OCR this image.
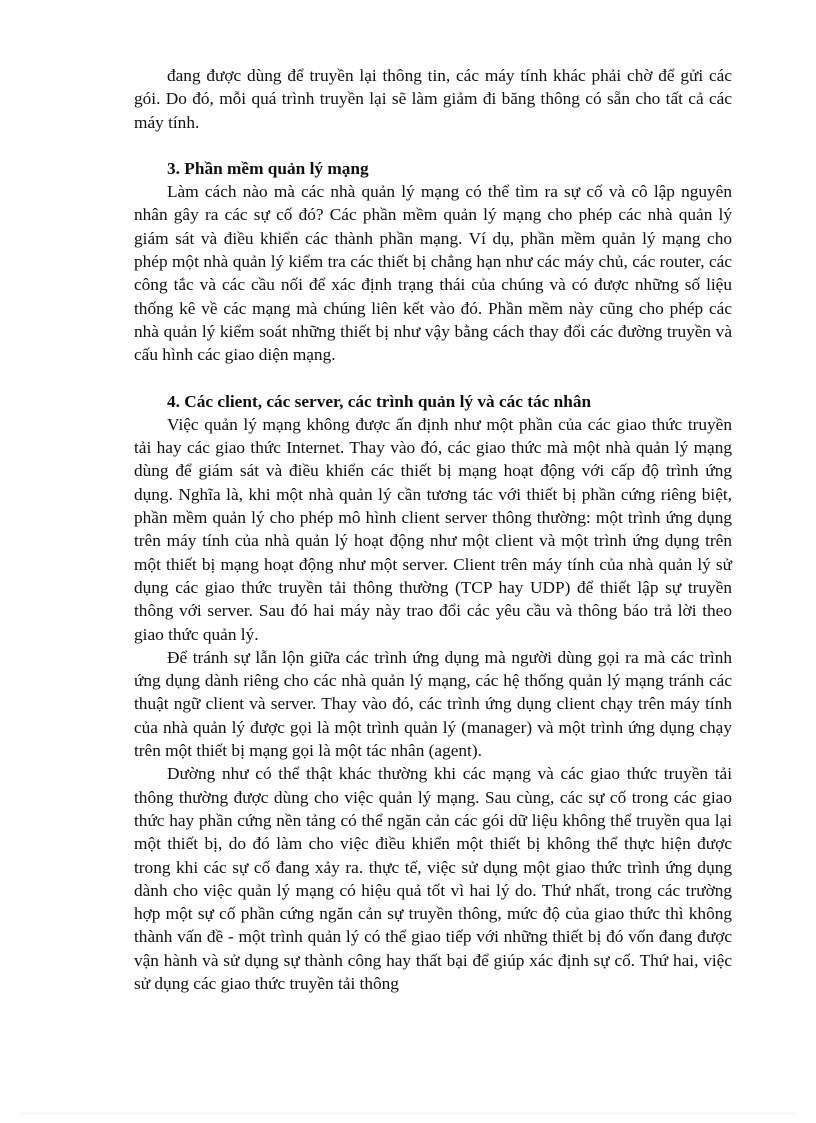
đang được dùng để truyền lại thông tin, các máy tính khác phải chờ để gửi các gói. Do đó, mỗi quá trình truyền lại sẽ làm giảm đi băng thông có sẵn cho tất cả các máy tính.

3. Phần mềm quản lý mạng

Làm cách nào mà các nhà quản lý mạng có thể tìm ra sự cố và cô lập nguyên nhân gây ra các sự cố đó? Các phần mềm quản lý mạng cho phép các nhà quản lý giám sát và điều khiển các thành phần mạng. Ví dụ, phần mềm quản lý mạng cho phép một nhà quản lý kiểm tra các thiết bị chẳng hạn như các máy chủ, các router, các công tắc và các cầu nối để xác định trạng thái của chúng và có được những số liệu thống kê về các mạng mà chúng liên kết vào đó. Phần mềm này cũng cho phép các nhà quản lý kiểm soát những thiết bị như vậy bằng cách thay đổi các đường truyền và cấu hình các giao diện mạng.

4. Các client, các server, các trình quản lý và các tác nhân

Việc quản lý mạng không được ấn định như một phần của các giao thức truyền tải hay các giao thức Internet. Thay vào đó, các giao thức mà một nhà quản lý mạng dùng để giám sát và điều khiển các thiết bị mạng hoạt động với cấp độ trình ứng dụng. Nghĩa là, khi một nhà quản lý cần tương tác với thiết bị phần cứng riêng biệt, phần mềm quản lý cho phép mô hình client server thông thường: một trình ứng dụng trên máy tính của nhà quản lý hoạt động như một client và một trình ứng dụng trên một thiết bị mạng hoạt động như một server. Client trên máy tính của nhà quản lý sử dụng các giao thức truyền tải thông thường (TCP hay UDP) để thiết lập sự truyền thông với server. Sau đó hai máy này trao đổi các yêu cầu và thông báo trả lời theo giao thức quản lý.

Để tránh sự lẫn lộn giữa các trình ứng dụng mà người dùng gọi ra mà các trình ứng dụng dành riêng cho các nhà quản lý mạng, các hệ thống quản lý mạng tránh các thuật ngữ client và server. Thay vào đó, các trình ứng dụng client chạy trên máy tính của nhà quản lý được gọi là một trình quản lý (manager) và một trình ứng dụng chạy trên một thiết bị mạng gọi là một tác nhân (agent).

Dường như có thể thật khác thường khi các mạng và các giao thức truyền tải thông thường được dùng cho việc quản lý mạng. Sau cùng, các sự cố trong các giao thức hay phần cứng nền tảng có thể ngăn cản các gói dữ liệu không thể truyền qua lại một thiết bị, do đó làm cho việc điều khiển một thiết bị không thể thực hiện được trong khi các sự cố đang xảy ra. thực tế, việc sử dụng một giao thức trình ứng dụng dành cho việc quản lý mạng có hiệu quả tốt vì hai lý do. Thứ nhất, trong các trường hợp một sự cố phần cứng ngăn cản sự truyền thông, mức độ của giao thức thì không thành vấn đề - một trình quản lý có thể giao tiếp với những thiết bị đó vốn đang được vận hành và sử dụng sự thành công hay thất bại để giúp xác định sự cố. Thứ hai, việc sử dụng các giao thức truyền tải thông
